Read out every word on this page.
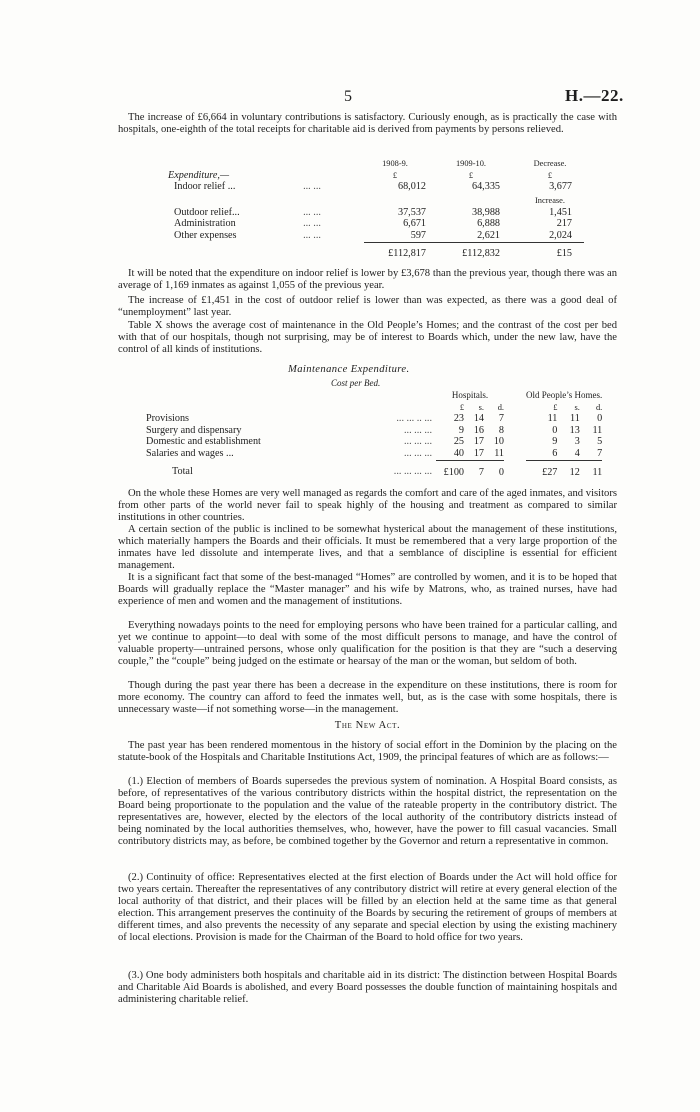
5	H.—22.

The increase of £6,664 in voluntary contributions is satisfactory. Curiously enough, as is practically the case with hospitals, one-eighth of the total receipts for charitable aid is derived from payments by persons relieved.

		1908-9.	1909-10.	Decrease.
Expenditure,—		£	£	£
Indoor relief ...	... ...	68,012	64,335	3,677
				Increase.
Outdoor relief...	... ...	37,537	38,988	1,451
Administration	... ...	6,671	6,888	217
Other expenses	... ...	597	2,621	2,024
		£112,817	£112,832	£15

It will be noted that the expenditure on indoor relief is lower by £3,678 than the previous year, though there was an average of 1,169 inmates as against 1,055 of the previous year.

The increase of £1,451 in the cost of outdoor relief is lower than was expected, as there was a good deal of “unemployment” last year.

Table X shows the average cost of maintenance in the Old People’s Homes; and the contrast of the cost per bed with that of our hospitals, though not surprising, may be of interest to Boards which, under the new law, have the control of all kinds of institutions.

Maintenance Expenditure.
Cost per Bed.
		Hospitals.				Old People’s Homes.		
		£	s.	d.		£	s.	d.
Provisions	... ... .. ...	23	14	7		11	11	0
Surgery and dispensary	... ... ...	9	16	8		0	13	11
Domestic and establishment	... ... ...	25	17	10		9	3	5
Salaries and wages ...	... ... ...	40	17	11		6	4	7
Total	... ... ... ...	£100	7	0		£27	12	11

On the whole these Homes are very well managed as regards the comfort and care of the aged inmates, and visitors from other parts of the world never fail to speak highly of the housing and treatment as compared to similar institutions in other countries.

A certain section of the public is inclined to be somewhat hysterical about the management of these institutions, which materially hampers the Boards and their officials. It must be remembered that a very large proportion of the inmates have led dissolute and intemperate lives, and that a semblance of discipline is essential for efficient management.

It is a significant fact that some of the best-managed “Homes” are controlled by women, and it is to be hoped that Boards will gradually replace the “Master manager” and his wife by Matrons, who, as trained nurses, have had experience of men and women and the management of institutions.

Everything nowadays points to the need for employing persons who have been trained for a particular calling, and yet we continue to appoint—to deal with some of the most difficult persons to manage, and have the control of valuable property—untrained persons, whose only qualification for the position is that they are “such a deserving couple,” the “couple” being judged on the estimate or hearsay of the man or the woman, but seldom of both.

Though during the past year there has been a decrease in the expenditure on these institutions, there is room for more economy. The country can afford to feed the inmates well, but, as is the case with some hospitals, there is unnecessary waste—if not something worse—in the management.

The New Act.

The past year has been rendered momentous in the history of social effort in the Dominion by the placing on the statute-book of the Hospitals and Charitable Institutions Act, 1909, the principal features of which are as follows:—

(1.) Election of members of Boards supersedes the previous system of nomination. A Hospital Board consists, as before, of representatives of the various contributory districts within the hospital district, the representation on the Board being proportionate to the population and the value of the rateable property in the contributory district. The representatives are, however, elected by the electors of the local authority of the contributory districts instead of being nominated by the local authorities themselves, who, however, have the power to fill casual vacancies. Small contributory districts may, as before, be combined together by the Governor and return a representative in common.

(2.) Continuity of office: Representatives elected at the first election of Boards under the Act will hold office for two years certain. Thereafter the representatives of any contributory district will retire at every general election of the local authority of that district, and their places will be filled by an election held at the same time as that general election. This arrangement preserves the continuity of the Boards by securing the retirement of groups of members at different times, and also prevents the necessity of any separate and special election by using the existing machinery of local elections. Provision is made for the Chairman of the Board to hold office for two years.

(3.) One body administers both hospitals and charitable aid in its district: The distinction between Hospital Boards and Charitable Aid Boards is abolished, and every Board possesses the double function of maintaining hospitals and administering charitable relief.
